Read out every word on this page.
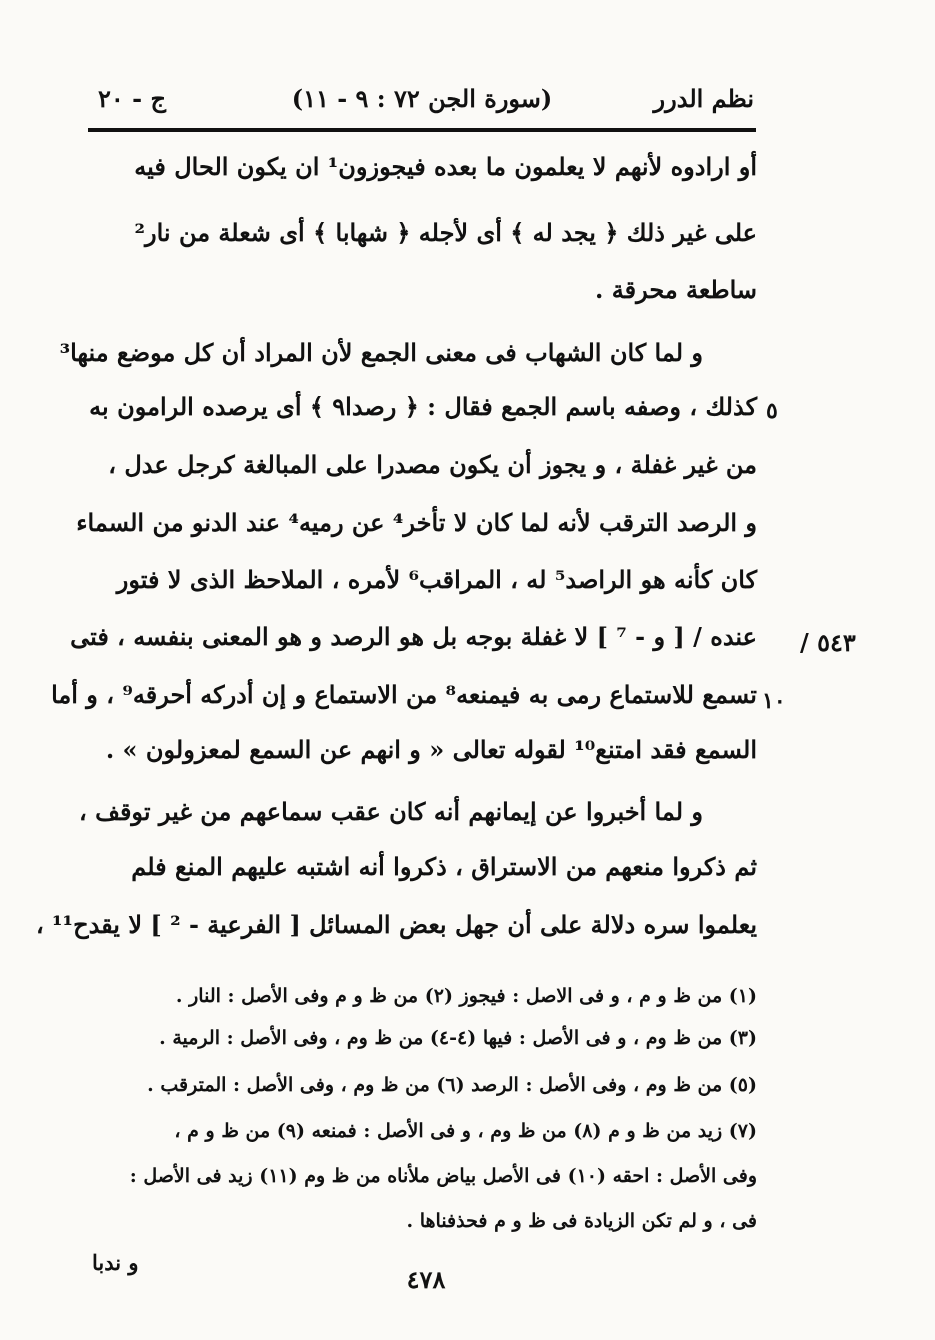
نظم الدرر
(سورة الجن ٧٢ : ٩ - ١١)
ج - ٢٠
أو ارادوه لأنهم لا يعلمون ما بعده فيجوزون¹ ان يكون الحال فيه
على غير ذلك ﴿ يجد له ﴾ أى لأجله ﴿ شهابا ﴾ أى شعلة من نار²
ساطعة محرقة .
و لما كان الشهاب فى معنى الجمع لأن المراد أن كل موضع منها³
كذلك ، وصفه باسم الجمع فقال : ﴿ رصدا٩ ﴾ أى يرصده الرامون به
من غير غفلة ، و يجوز أن يكون مصدرا على المبالغة كرجل عدل ،
و الرصد الترقب لأنه لما كان لا تأخر⁴ عن رميه⁴ عند الدنو من السماء
كان كأنه هو الراصد⁵ له ، المراقب⁶ لأمره ، الملاحظ الذى لا فتور
عنده / [ و - ⁷ ] لا غفلة بوجه بل هو الرصد و هو المعنى بنفسه ، فتى
تسمع للاستماع رمى به فيمنعه⁸ من الاستماع و إن أدركه أحرقه⁹ ، و أما
السمع فقد امتنع¹⁰ لقوله تعالى « و انهم عن السمع لمعزولون » .
و لما أخبروا عن إيمانهم أنه كان عقب سماعهم من غير توقف ،
ثم ذكروا منعهم من الاستراق ، ذكروا أنه اشتبه عليهم المنع فلم
يعلموا سره دلالة على أن جهل بعض المسائل [ الفرعية - ² ] لا يقدح¹¹ ،
٥
١٠
٥٤٣ /
(١) من ظ و م ، و فى الاصل : فيجوز (٢) من ظ و م وفى الأصل : النار .
(٣) من ظ وم ، و فى الأصل : فيها (٤-٤) من ظ وم ، وفى الأصل : الرمية .
(٥) من ظ وم ، وفى الأصل : الرصد (٦) من ظ وم ، وفى الأصل : المترقب .
(٧) زيد من ظ و م (٨) من ظ وم ، و فى الأصل : فمنعه (٩) من ظ و م ،
وفى الأصل : احقه (١٠) فى الأصل بياض ملأناه من ظ وم (١١) زيد فى الأصل :
فى ، و لم تكن الزيادة فى ظ و م فحذفناها .
و ندبا
٤٧٨
